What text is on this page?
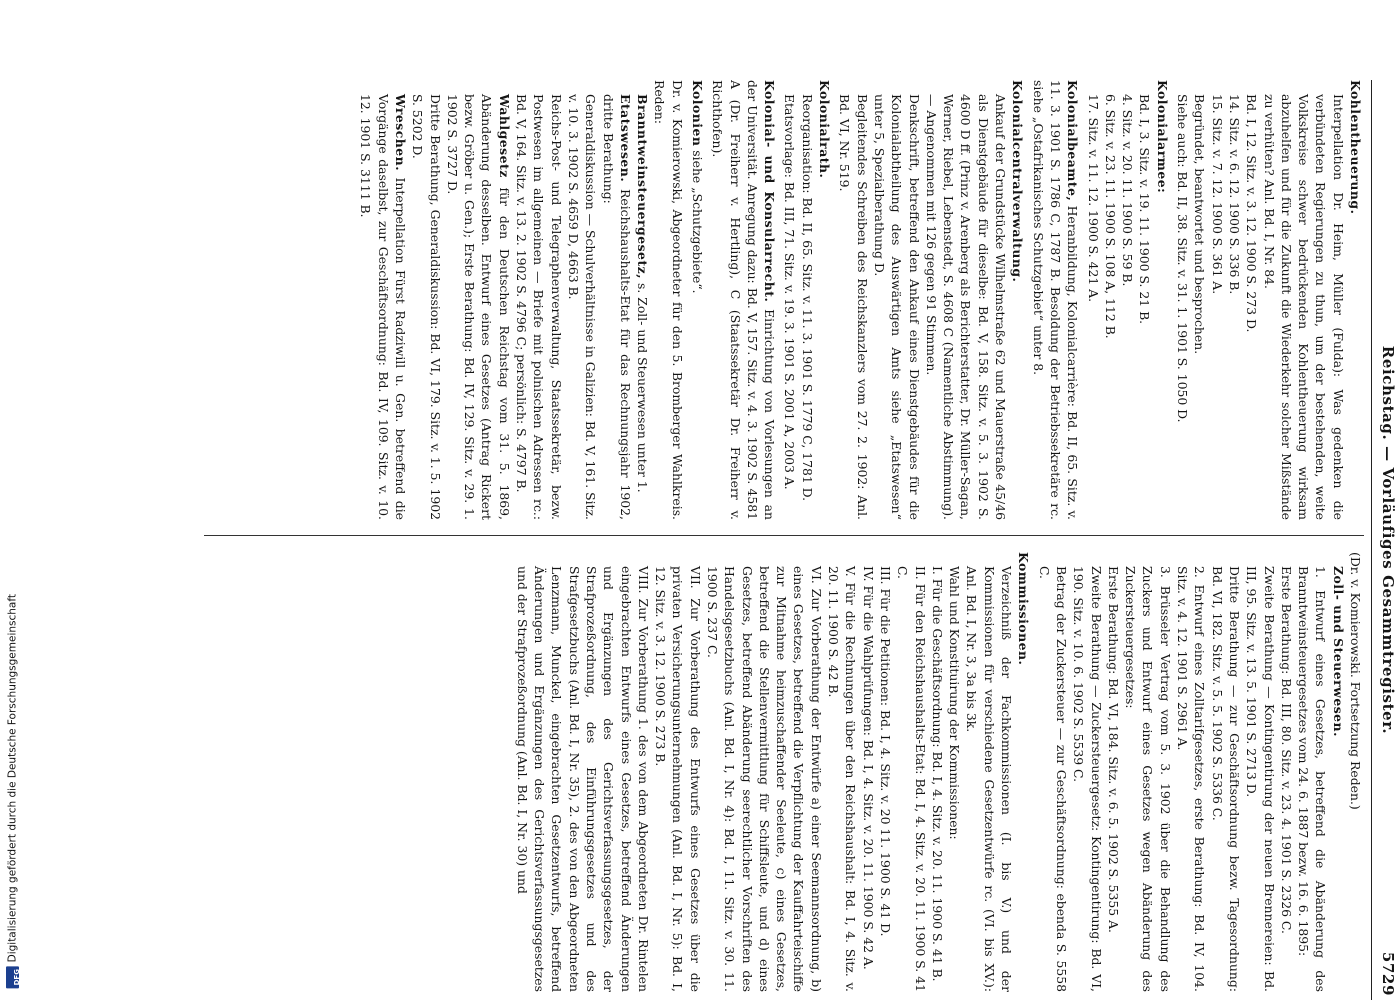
Reichstag. — Vorläufiges Gesammtregister.
5729

Kohlentheuerung.

Interpellation Dr. Heim, Müller (Fulda): Was gedenken die verbündeten Regierungen zu thun, um der bestehenden, weite Volkskreise schwer bedrückenden Kohlentheuerung wirksam abzuhelfen und für die Zukunft die Wiederkehr solcher Mißstände zu verhüten? Anl. Bd. I, Nr. 84.

Bd. I, 12. Sitz. v. 3. 12. 1900 S. 273 D.

14. Sitz. v. 6. 12. 1900 S. 336 B.

15. Sitz. v. 7. 12. 1900 S. 361 A.

Begründet, beantwortet und besprochen.

Siehe auch: Bd. II, 38. Sitz. v. 31. 1. 1901 S. 1050 D.

Kolonialarmee:

Bd. I, 3. Sitz. v. 19. 11. 1900 S. 21 B.

4. Sitz. v. 20. 11. 1900 S. 59 B.

6. Sitz. v. 23. 11. 1900 S. 108 A, 112 B.

17. Sitz. v. 11. 12. 1900 S. 421 A.

Kolonialbeamte, Heranbildung, Kolonialcarrière: Bd. II, 65. Sitz. v. 11. 3. 1901 S. 1786 C, 1787 B. Besoldung der Betriebssekretäre rc. siehe „Ostafrikanisches Schutzgebiet“ unter 8.

Kolonialcentralverwaltung.

Ankauf der Grundstücke Wilhelmstraße 62 und Mauerstraße 45/46 als Dienstgebäude für dieselbe: Bd. V, 158. Sitz. v. 5. 3. 1902 S. 4600 D ff. (Prinz v. Arenberg als Berichterstatter, Dr. Müller-Sagan, Werner, Riebel, Lebenstedt, S. 4608 C (Namentliche Abstimmung). — Angenommen mit 126 gegen 91 Stimmen.

Denkschrift, betreffend den Ankauf eines Dienstgebäudes für die Kolonialabtheilung des Auswärtigen Amts siehe „Etatswesen“ unter 5, Spezialberathung D.

Begleitendes Schreiben des Reichskanzlers vom 27. 2. 1902: Anl. Bd. VI, Nr. 519.

Kolonialrath.

Reorganisation: Bd. II, 65. Sitz. v. 11. 3. 1901 S. 1779 C, 1781 D.

Etatsvorlage: Bd. III, 71. Sitz. v. 19. 3. 1901 S. 2001 A, 2003 A.

Kolonial- und Konsularrecht. Einrichtung von Vorlesungen an der Universität. Anregung dazu: Bd. V, 157. Sitz. v. 4. 3. 1902 S. 4581 A (Dr. Freiherr v. Hertling), C (Staatssekretär Dr. Freiherr v. Richthofen).

Kolonien siehe „Schutzgebiete“.

Dr. v. Komierowski, Abgeordneter für den 5. Bromberger Wahlkreis. Reden:

Branntweinsteuergesetz, s. Zoll- und Steuerwesen unter 1.

Etatswesen. Reichshaushalts-Etat für das Rechnungsjahr 1902, dritte Berathung:

Generaldiskussion — Schulverhältnisse in Galizien: Bd. V, 161. Sitz. v. 10. 3. 1902 S. 4659 D, 4663 B.

Reichs-Post- und Telegraphenverwaltung, Staatssekretär, bezw. Postwesen im allgemeinen — Briefe mit polnischen Adressen rc.: Bd. V, 164. Sitz. v. 13. 2. 1902 S. 4796 C; persönlich: S. 4797 B.

Wahlgesetz für den Deutschen Reichstag vom 31. 5. 1869, Abänderung desselben. Entwurf eines Gesetzes (Antrag Rickert bezw. Gröber u. Gen.); Erste Berathung: Bd. IV, 129. Sitz. v. 29. 1. 1902 S. 3727 D.

Dritte Berathung, Generaldiskussion: Bd. VI, 179. Sitz. v. 1. 5. 1902 S. 5202 D.

Wreschen. Interpellation Fürst Radziwill u. Gen. betreffend die Vorgänge daselbst, zur Geschäftsordnung: Bd. IV, 109. Sitz. v. 10. 12. 1901 S. 3111 B.

(Dr. v. Komierowski. Fortsetzung Reden.)

Zoll- und Steuerwesen.

1. Entwurf eines Gesetzes, betreffend die Abänderung des Branntweinsteuergesetzes vom 24. 6. 1887 bezw. 16. 6. 1895:

Erste Berathung: Bd. III, 80. Sitz. v. 23. 4. 1901 S. 2326 C.

Zweite Berathung — Kontingentirung der neuen Brennereien: Bd. III, 95. Sitz. v. 13. 5. 1901 S. 2713 D.

Dritte Berathung — zur Geschäftsordnung bezw. Tagesordnung: Bd. VI, 182. Sitz. v. 5. 5. 1902 S. 5336 C.

2. Entwurf eines Zolltarifgesetzes, erste Berathung: Bd. IV, 104. Sitz. v. 4. 12. 1901 S. 2961 A.

3. Brüsseler Vertrag vom 5. 3. 1902 über die Behandlung des Zuckers und Entwurf eines Gesetzes wegen Abänderung des Zuckersteuergesetzes:

Erste Berathung: Bd. VI, 184. Sitz. v. 6. 5. 1902 S. 5355 A.

Zweite Berathung — Zuckersteuergesetz: Kontingentirung: Bd. VI, 190. Sitz. v. 10. 6. 1902 S. 5539 C.

Betrag der Zuckersteuer — zur Geschäftsordnung: ebenda S. 5558 C.

Kommissionen.

Verzeichniß der Fachkommissionen (I. bis V.) und der Kommissionen für verschiedene Gesetzentwürfe rc. (VI. bis XV.): Anl. Bd. I, Nr. 3, 3a bis 3k.

Wahl und Konstituirung der Kommissionen:

I. Für die Geschäftsordnung: Bd. I, 4. Sitz. v. 20. 11. 1900 S. 41 B.

II. Für den Reichshaushalts-Etat: Bd. I, 4. Sitz. v. 20. 11. 1900 S. 41 C.

III. Für die Petitionen: Bd. I, 4. Sitz. v. 20 11. 1900 S. 41 D.

IV. Für die Wahlprüfungen: Bd. I, 4. Sitz. v. 20. 11. 1900 S. 42 A.

V. Für die Rechnungen über den Reichshaushalt: Bd. I, 4. Sitz. v. 20. 11. 1900 S. 42 B.

VI. Zur Vorberathung der Entwürfe a) einer Seemannsordnung, b) eines Gesetzes, betreffend die Verpflichtung der Kauffahrteischiffe zur Mitnahme heimzuschaffender Seeleute, c) eines Gesetzes, betreffend die Stellenvermittlung für Schiffsleute, und d) eines Gesetzes, betreffend Abänderung seerechtlicher Vorschriften des Handelsgesetzbuchs (Anl. Bd. I, Nr. 4): Bd. I, 11. Sitz. v. 30. 11. 1900 S. 237 C.

VII. Zur Vorberathung des Entwurfs eines Gesetzes über die privaten Versicherungsunternehmungen (Anl. Bd. I, Nr. 5): Bd. I, 12. Sitz. v. 3. 12. 1900 S. 273 B.

VIII. Zur Vorberathung 1. des von dem Abgeordneten Dr. Rintelen eingebrachten Entwurfs eines Gesetzes, betreffend Änderungen und Ergänzungen des Gerichtsverfassungsgesetzes, der Strafprozeßordnung, des Einführungsgesetzes und des Strafgesetzbuchs (Anl. Bd. I, Nr. 35), 2. des von den Abgeordneten Lenzmann, Munckel, eingebrachten Gesetzentwurfs, betreffend Änderungen und Ergänzungen des Gerichtsverfassungsgesetzes und der Strafprozeßordnung (Anl. Bd. I, Nr. 30) und

DFG
Digitalisierung gefördert durch die Deutsche Forschungsgemeinschaft
